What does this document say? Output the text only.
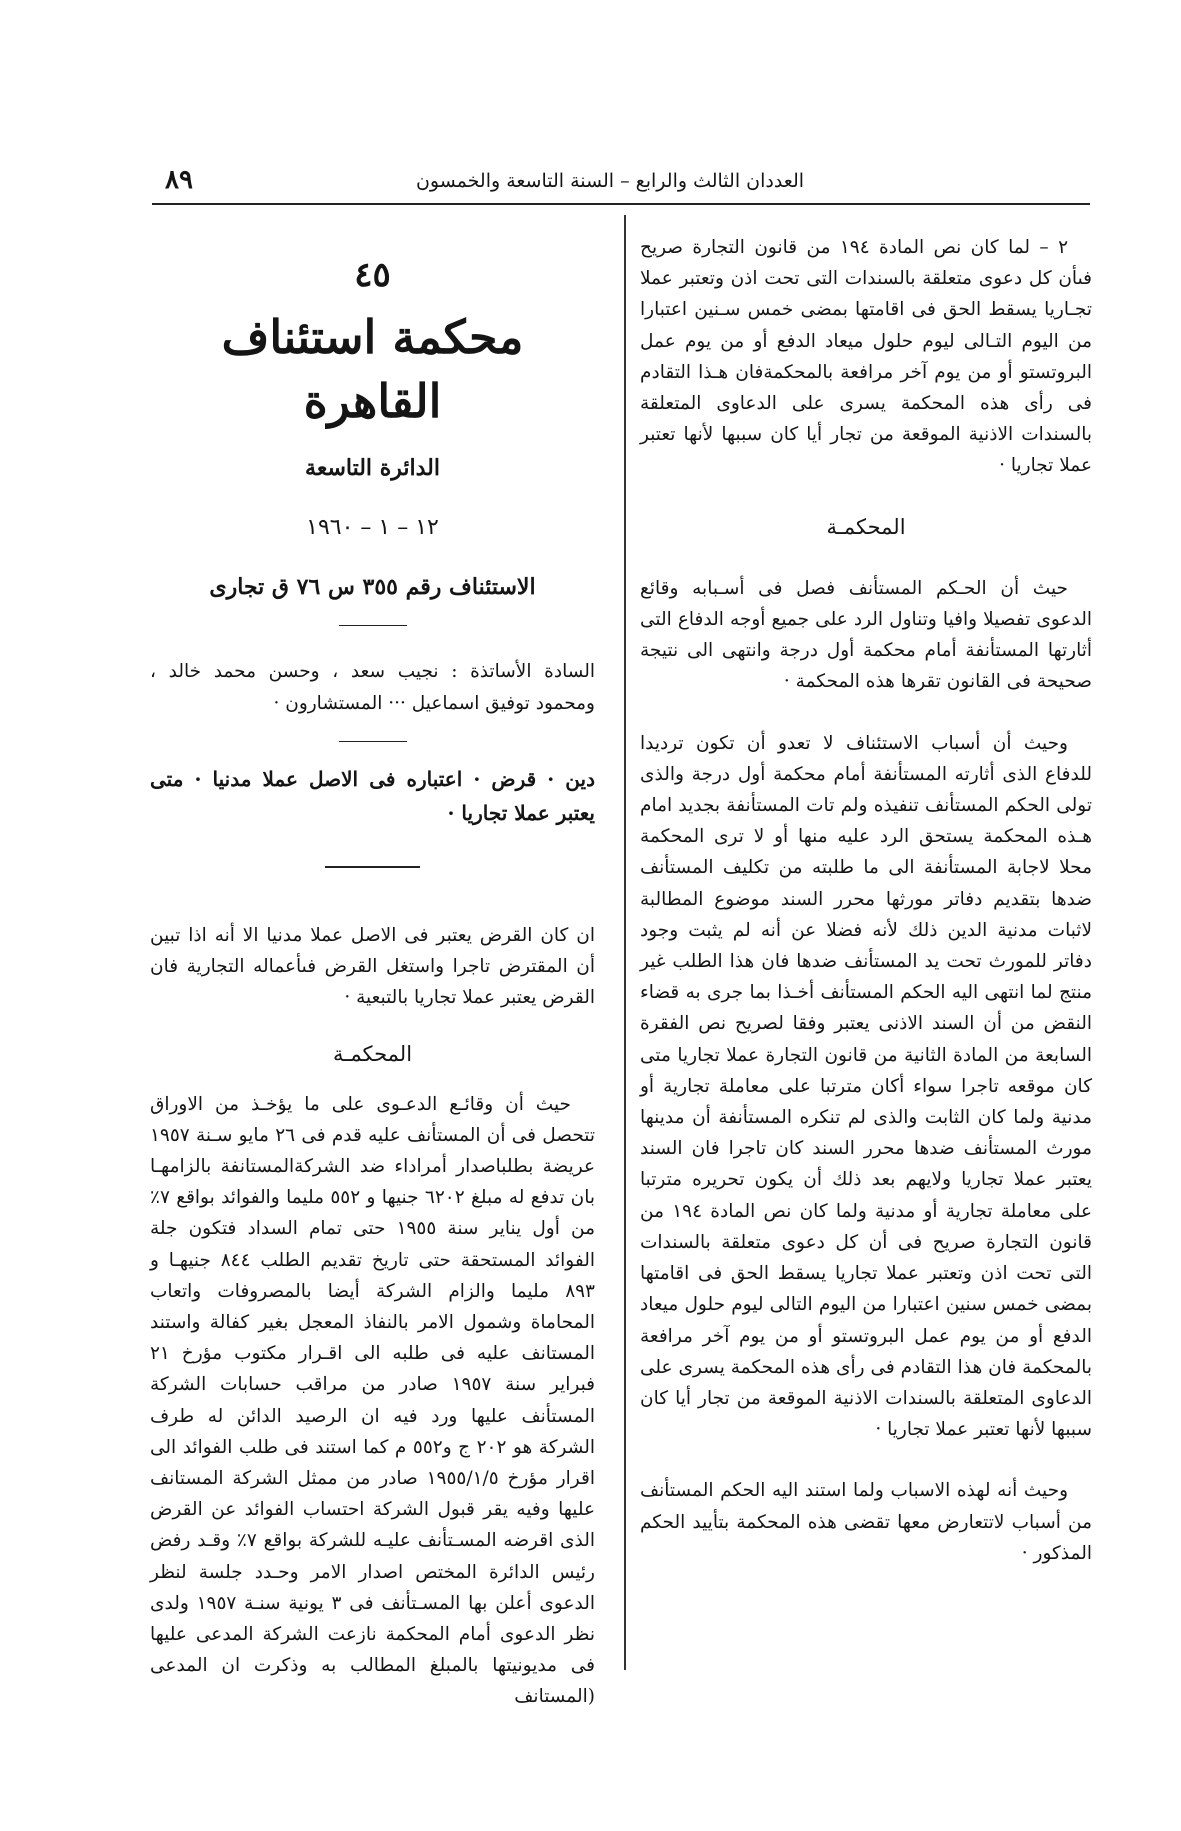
٨٩	العددان الثالث والرابع – السنة التاسعة والخمسون

٢ – لما كان نص المادة ١٩٤ من قانون التجارة صريح فىأن كل دعوى متعلقة بالسندات التى تحت اذن وتعتبر عملا تجـاريا يسقط الحق فى اقامتها بمضى خمس سـنين اعتبارا من اليوم التـالى ليوم حلول ميعاد الدفع أو من يوم عمل البروتستو أو من يوم آخر مرافعة بالمحكمةفان هـذا التقادم فى رأى هذه المحكمة يسرى على الدعاوى المتعلقة بالسندات الاذنية الموقعة من تجار أيا كان سببها لأنها تعتبر عملا تجاريا ·

المحكمـة

حيث أن الحـكم المستأنف فصل فى أسـبابه وقائع الدعوى تفصيلا وافيا وتناول الرد على جميع أوجه الدفاع التى أثارتها المستأنفة أمام محكمة أول درجة وانتهى الى نتيجة صحيحة فى القانون تقرها هذه المحكمة ·

وحيث أن أسباب الاستئناف لا تعدو أن تكون ترديدا للدفاع الذى أثارته المستأنفة أمام محكمة أول درجة والذى تولى الحكم المستأنف تنفيذه ولم تات المستأنفة بجديد امام هـذه المحكمة يستحق الرد عليه منها أو لا ترى المحكمة محلا لاجابة المستأنفة الى ما طلبته من تكليف المستأنف ضدها بتقديم دفاتر مورثها محرر السند موضوع المطالبة لاثبات مدنية الدين ذلك لأنه فضلا عن أنه لم يثبت وجود دفاتر للمورث تحت يد المستأنف ضدها فان هذا الطلب غير منتج لما انتهى اليه الحكم المستأنف أخـذا بما جرى به قضاء النقض من أن السند الاذنى يعتبر وفقا لصريح نص الفقرة السابعة من المادة الثانية من قانون التجارة عملا تجاريا متى كان موقعه تاجرا سواء أكان مترتبا على معاملة تجارية أو مدنية ولما كان الثابت والذى لم تنكره المستأنفة أن مدينها مورث المستأنف ضدها محرر السند كان تاجرا فان السند يعتبر عملا تجاريا ولايهم بعد ذلك أن يكون تحريره مترتبا على معاملة تجارية أو مدنية ولما كان نص المادة ١٩٤ من قانون التجارة صريح فى أن كل دعوى متعلقة بالسندات التى تحت اذن وتعتبر عملا تجاريا يسقط الحق فى اقامتها بمضى خمس سنين اعتبارا من اليوم التالى ليوم حلول ميعاد الدفع أو من يوم عمل البروتستو أو من يوم آخر مرافعة بالمحكمة فان هذا التقادم فى رأى هذه المحكمة يسرى على الدعاوى المتعلقة بالسندات الاذنية الموقعة من تجار أيا كان سببها لأنها تعتبر عملا تجاريا ·

وحيث أنه لهذه الاسباب ولما استند اليه الحكم المستأنف من أسباب لاتتعارض معها تقضى هذه المحكمة بتأييد الحكم المذكور ·

٤٥
محكمة استئناف القاهرة
الدائرة التاسعة
١٢ – ١ – ١٩٦٠
الاستئناف رقم ٣٥٥ س ٧٦ ق تجارى
السادة الأساتذة : نجيب سعد ، وحسن محمد خالد ، ومحمود توفيق اسماعيل ··· المستشارون ·
دين · قرض · اعتباره فى الاصل عملا مدنيا · متى يعتبر عملا تجاريا ·
ان كان القرض يعتبر فى الاصل عملا مدنيا الا أنه اذا تبين أن المقترض تاجرا واستغل القرض فىأعماله التجارية فان القرض يعتبر عملا تجاريا بالتبعية ·
المحكمـة

حيث أن وقائـع الدعـوى على ما يؤخـذ من الاوراق تتحصل فى أن المستأنف عليه قدم فى ٢٦ مايو سـنة ١٩٥٧ عريضة بطلباصدار أمراداء ضد الشركةالمستانفة بالزامهـا بان تدفع له مبلغ ٦٢٠٢ جنيها و ٥٥٢ مليما والفوائد بواقع ٧٪ من أول يناير سنة ١٩٥٥ حتى تمام السداد فتكون جلة الفوائد المستحقة حتى تاريخ تقديم الطلب ٨٤٤ جنيهـا و ٨٩٣ مليما والزام الشركة أيضا بالمصروفات واتعاب المحاماة وشمول الامر بالنفاذ المعجل بغير كفالة واستند المستانف عليه فى طلبه الى اقـرار مكتوب مؤرخ ٢١ فبراير سنة ١٩٥٧ صادر من مراقب حسابات الشركة المستأنف عليها ورد فيه ان الرصيد الدائن له طرف الشركة هو ٢٠٢ ج و٥٥٢ م كما استند فى طلب الفوائد الى اقرار مؤرخ ١٩٥٥/١/٥ صادر من ممثل الشركة المستانف عليها وفيه يقر قبول الشركة احتساب الفوائد عن القرض الذى اقرضه المسـتأنف عليـه للشركة بواقع ٧٪ وقـد رفض رئيس الدائرة المختص اصدار الامر وحـدد جلسة لنظر الدعوى أعلن بها المسـتأنف فى ٣ يونية سنـة ١٩٥٧ ولدى نظر الدعوى أمام المحكمة نازعت الشركة المدعى عليها فى مديونيتها بالمبلغ المطالب به وذكرت ان المدعى (المستانف
